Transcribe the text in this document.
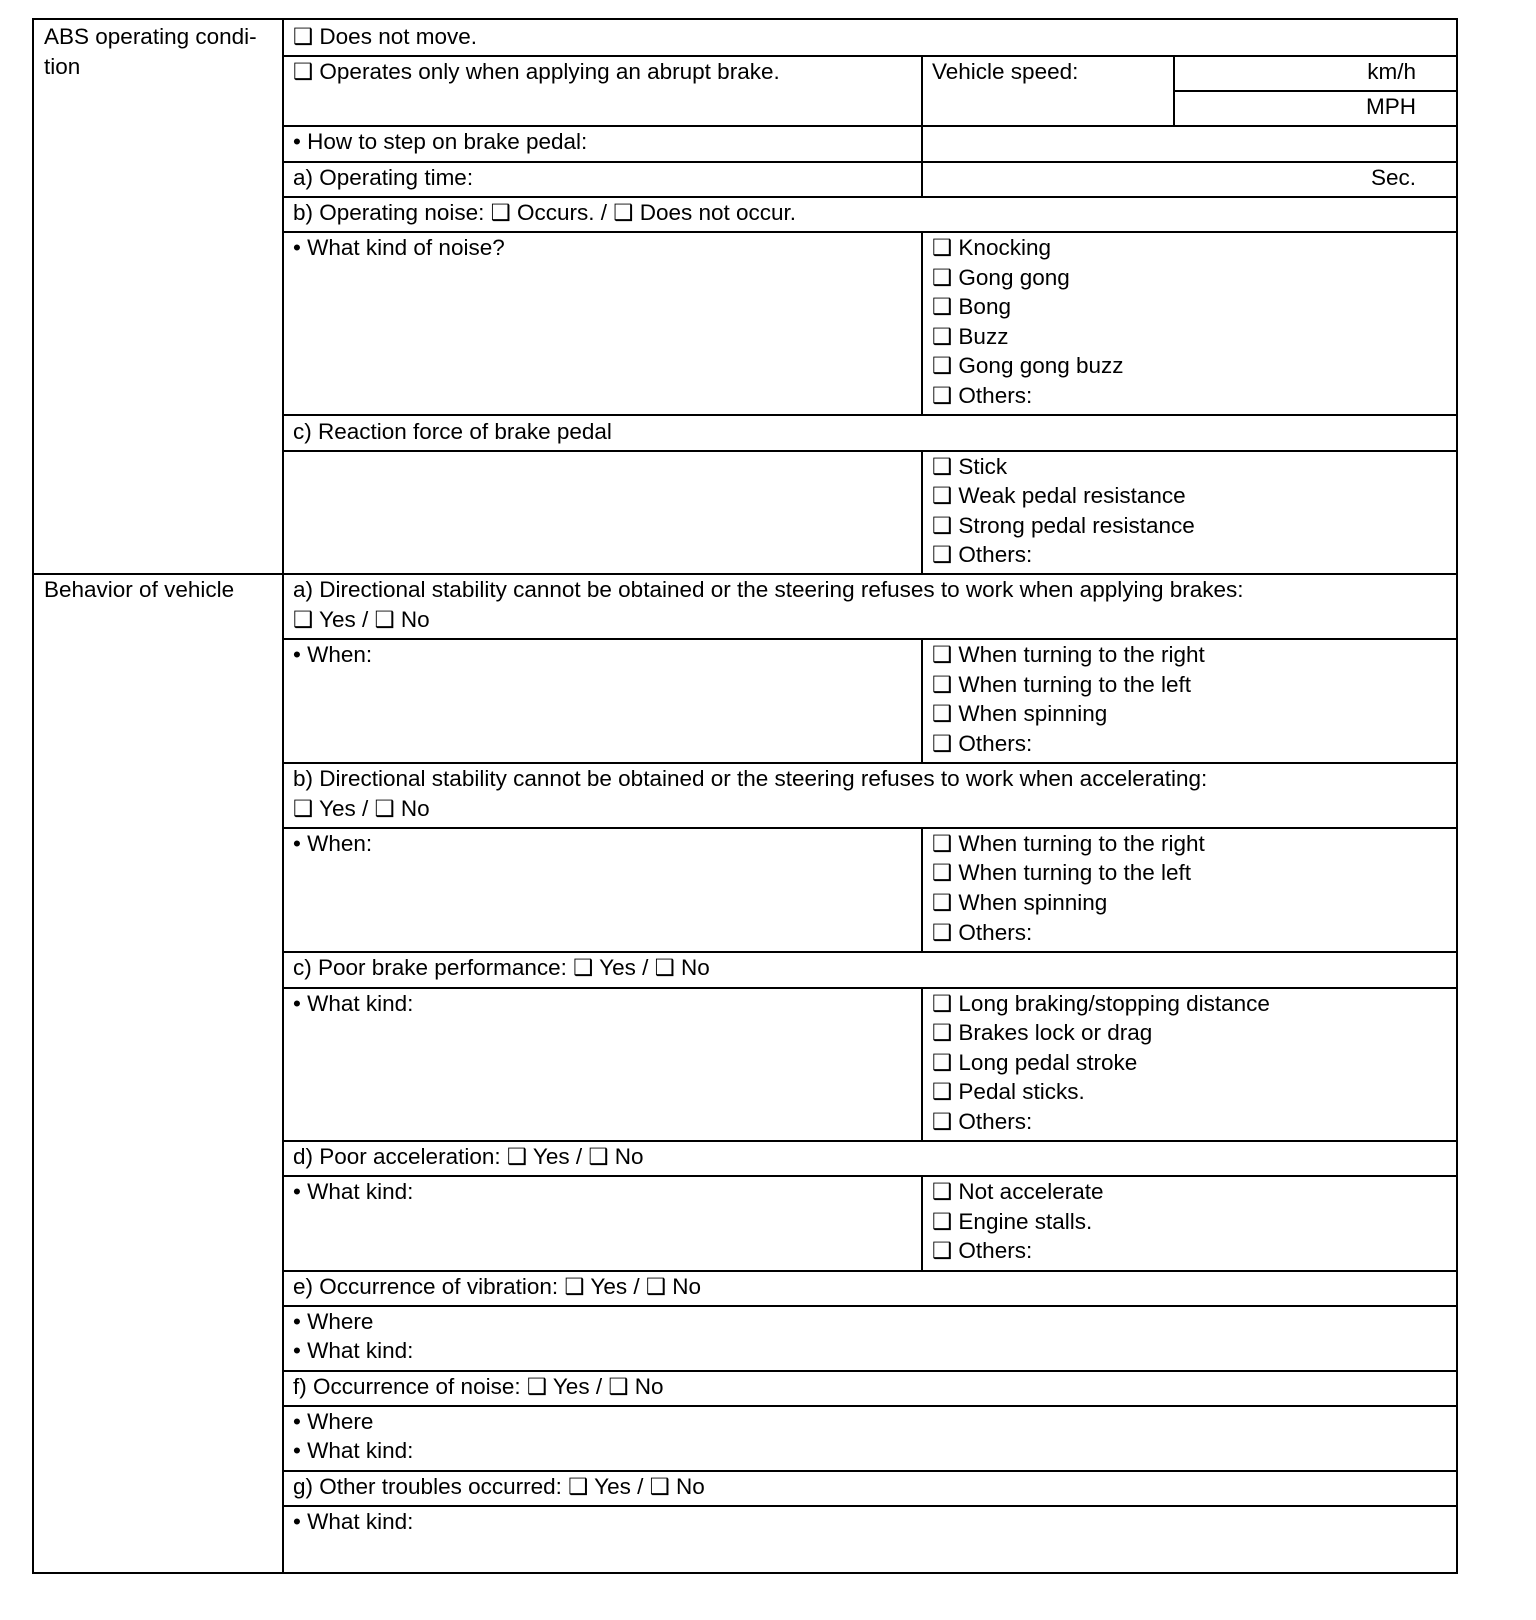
ABS operating condi-
tion
❑ Does not move.
❑ Operates only when applying an abrupt brake.	Vehicle speed:	km/h
MPH
• How to step on brake pedal:
a) Operating time:	Sec.
b) Operating noise: ❑ Occurs. / ❑ Does not occur.
• What kind of noise?	❑ Knocking
❑ Gong gong
❑ Bong
❑ Buzz
❑ Gong gong buzz
❑ Others:
c) Reaction force of brake pedal
❑ Stick
❑ Weak pedal resistance
❑ Strong pedal resistance
❑ Others:
Behavior of vehicle	a) Directional stability cannot be obtained or the steering refuses to work when applying brakes:
❑ Yes / ❑ No
• When:	❑ When turning to the right
❑ When turning to the left
❑ When spinning
❑ Others:
b) Directional stability cannot be obtained or the steering refuses to work when accelerating:
❑ Yes / ❑ No
• When:	❑ When turning to the right
❑ When turning to the left
❑ When spinning
❑ Others:
c) Poor brake performance: ❑ Yes / ❑ No
• What kind:	❑ Long braking/stopping distance
❑ Brakes lock or drag
❑ Long pedal stroke
❑ Pedal sticks.
❑ Others:
d) Poor acceleration: ❑ Yes / ❑ No
• What kind:	❑ Not accelerate
❑ Engine stalls.
❑ Others:
e) Occurrence of vibration: ❑ Yes / ❑ No
• Where
• What kind:
f) Occurrence of noise: ❑ Yes / ❑ No
• Where
• What kind:
g) Other troubles occurred: ❑ Yes / ❑ No
• What kind:
